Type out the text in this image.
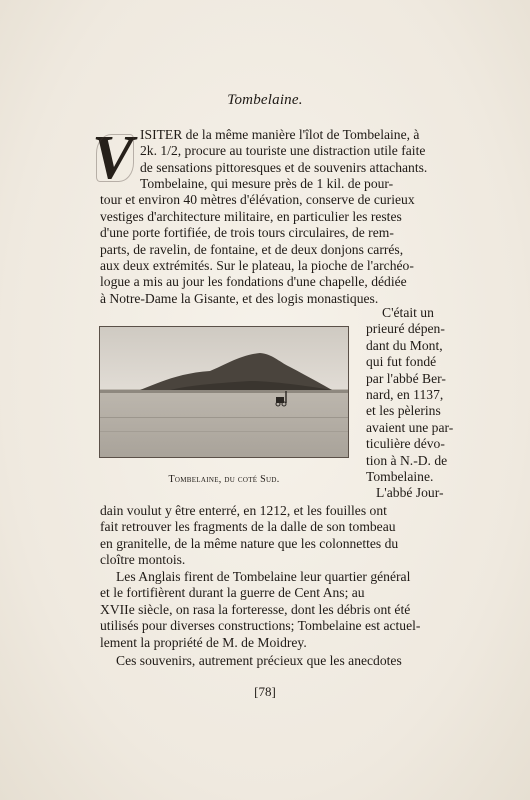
Tombelaine.
V ISITER de la même manière l'îlot de Tombelaine, à
2k. 1/2, procure au touriste une distraction utile faite
de sensations pittoresques et de souvenirs attachants.
Tombelaine, qui mesure près de 1 kil. de pour-
tour et environ 40 mètres d'élévation, conserve de curieux
vestiges d'architecture militaire, en particulier les restes
d'une porte fortifiée, de trois tours circulaires, de rem-
parts, de ravelin, de fontaine, et de deux donjons carrés,
aux deux extrémités. Sur le plateau, la pioche de l'archéo-
logue a mis au jour les fondations d'une chapelle, dédiée
à Notre-Dame la Gisante, et des logis monastiques.
Tombelaine, du coté Sud.
C'était un
prieuré dépen-
dant du Mont,
qui fut fondé
par l'abbé Ber-
nard, en 1137,
et les pèlerins
avaient une par-
ticulière dévo-
tion à N.-D. de
Tombelaine.
L'abbé Jour-
dain voulut y être enterré, en 1212, et les fouilles ont
fait retrouver les fragments de la dalle de son tombeau
en granitelle, de la même nature que les colonnettes du
cloître montois.
Les Anglais firent de Tombelaine leur quartier général
et le fortifièrent durant la guerre de Cent Ans; au
XVIIe siècle, on rasa la forteresse, dont les débris ont été
utilisés pour diverses constructions; Tombelaine est actuel-
lement la propriété de M. de Moidrey.
Ces souvenirs, autrement précieux que les anecdotes
[78]
